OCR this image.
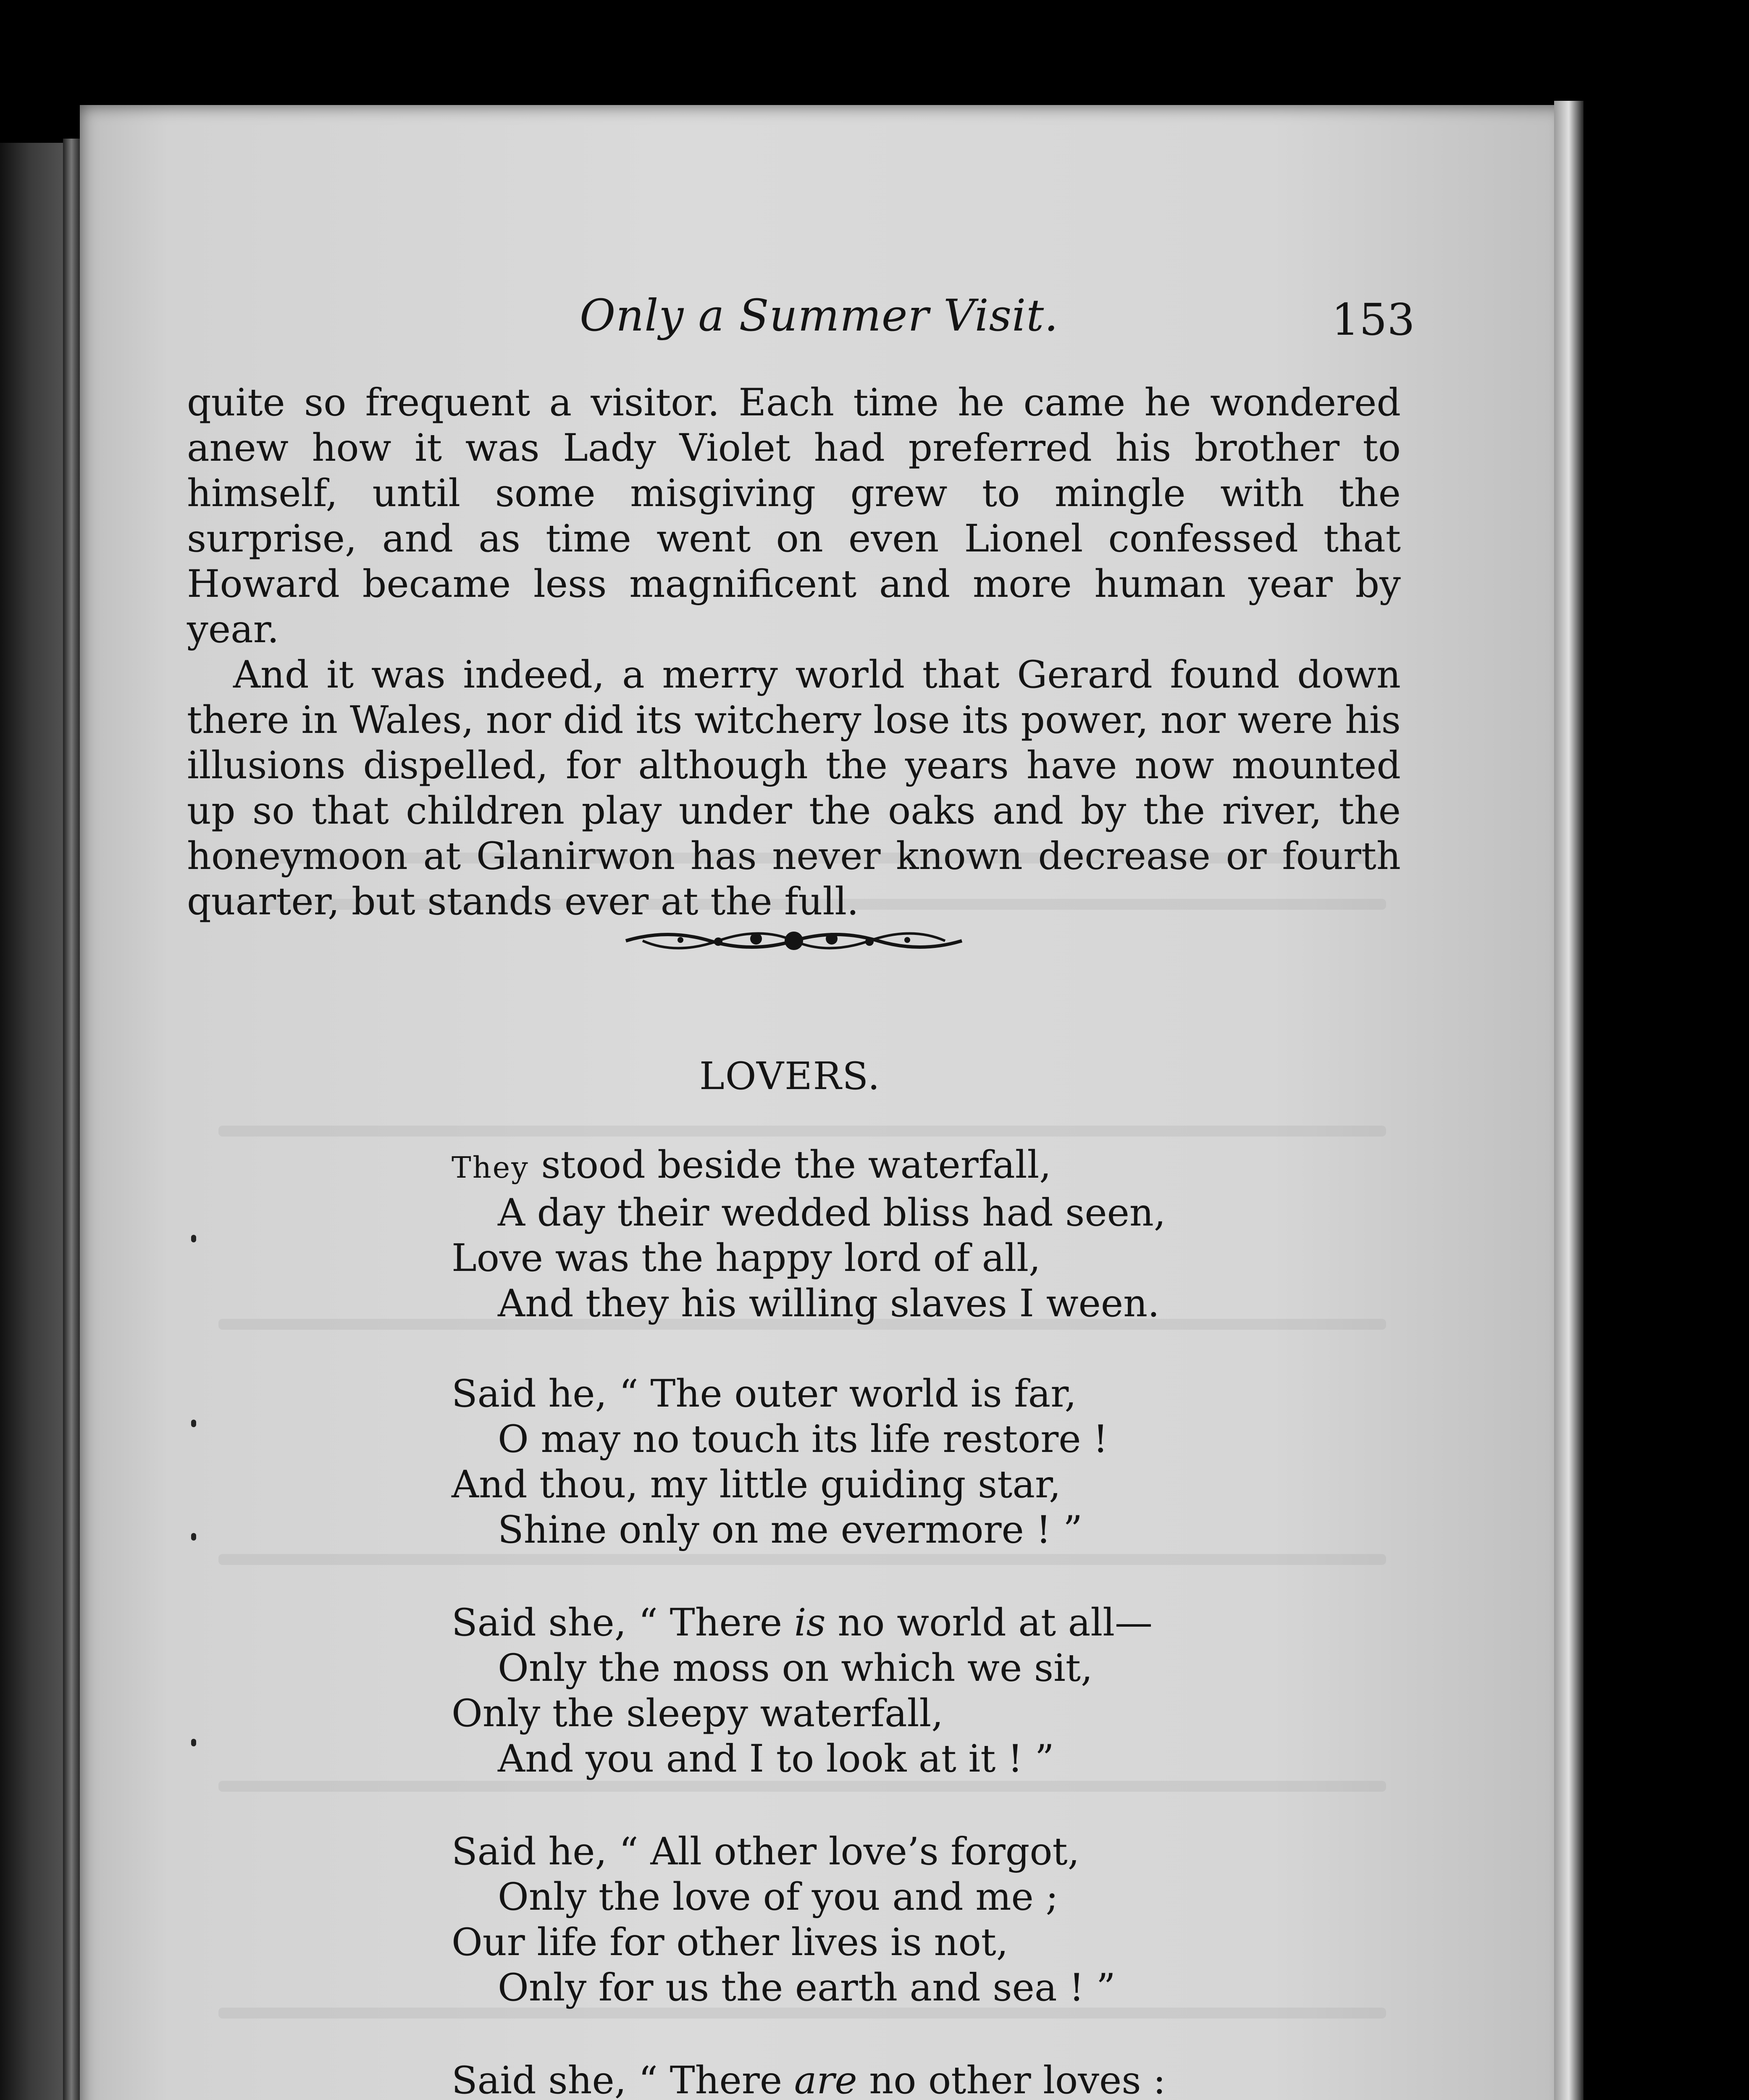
Only a Summer Visit.	153

quite so frequent a visitor. Each time he came he wondered anew how it was Lady Violet had preferred his brother to himself, until some misgiving grew to mingle with the surprise, and as time went on even Lionel confessed that Howard became less magnificent and more human year by year.

And it was indeed, a merry world that Gerard found down there in Wales, nor did its witchery lose its power, nor were his illusions dispelled, for although the years have now mounted up so that children play under the oaks and by the river, the honeymoon at Glanirwon has never known decrease or fourth quarter, but stands ever at the full.

LOVERS.
They stood beside the waterfall,
A day their wedded bliss had seen,
Love was the happy lord of all,
And they his willing slaves I ween.
Said he, “ The outer world is far,
O may no touch its life restore !
And thou, my little guiding star,
Shine only on me evermore ! ”
Said she, “ There is no world at all—
Only the moss on which we sit,
Only the sleepy waterfall,
And you and I to look at it ! ”
Said he, “ All other love’s forgot,
Only the love of you and me ;
Our life for other lives is not,
Only for us the earth and sea ! ”
Said she, “ There are no other loves :
